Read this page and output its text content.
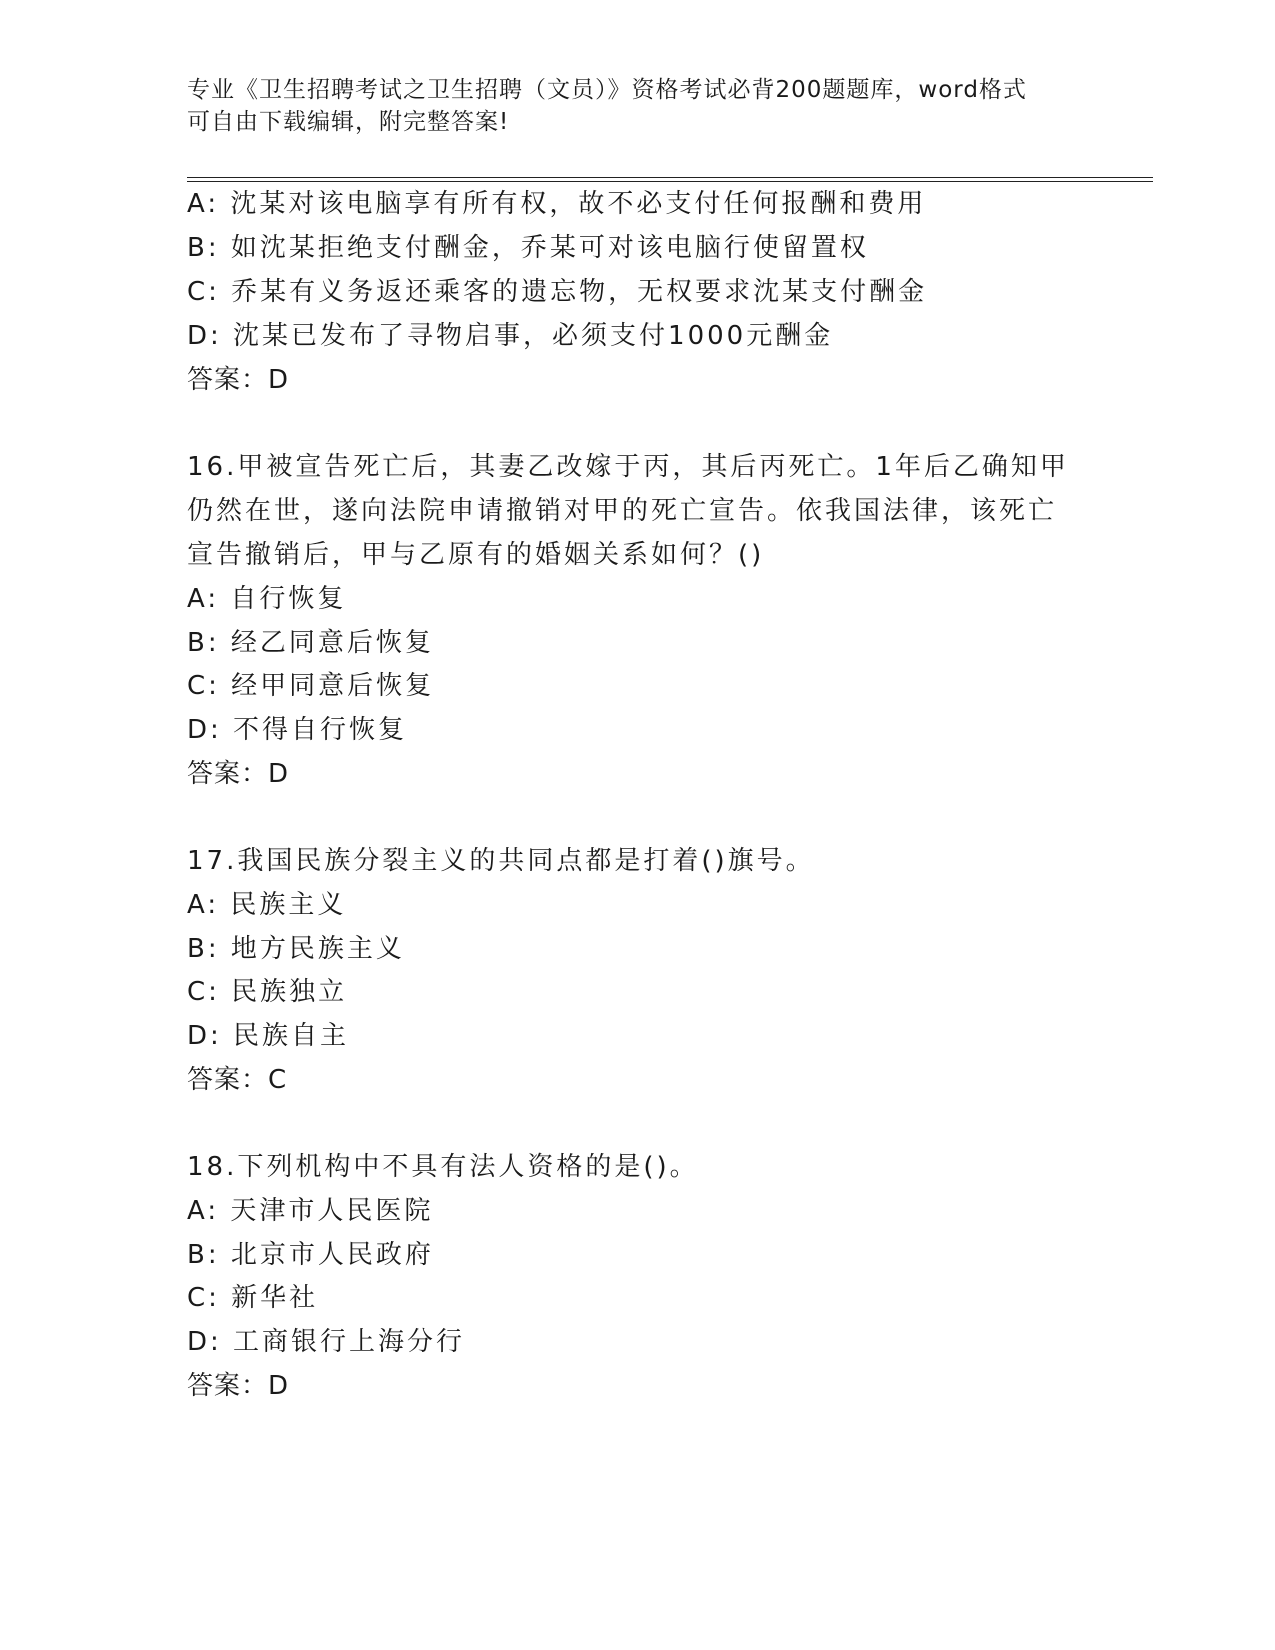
专业《卫生招聘考试之卫生招聘（文员）》资格考试必背200题题库，word格式
可自由下载编辑，附完整答案!
A: 沈某对该电脑享有所有权，故不必支付任何报酬和费用
B: 如沈某拒绝支付酬金，乔某可对该电脑行使留置权
C: 乔某有义务返还乘客的遗忘物，无权要求沈某支付酬金
D: 沈某已发布了寻物启事，必须支付1000元酬金
答案：D
16.甲被宣告死亡后，其妻乙改嫁于丙，其后丙死亡。1年后乙确知甲
仍然在世，遂向法院申请撤销对甲的死亡宣告。依我国法律，该死亡
宣告撤销后，甲与乙原有的婚姻关系如何？()
A: 自行恢复
B: 经乙同意后恢复
C: 经甲同意后恢复
D: 不得自行恢复
答案：D
17.我国民族分裂主义的共同点都是打着()旗号。
A: 民族主义
B: 地方民族主义
C: 民族独立
D: 民族自主
答案：C
18.下列机构中不具有法人资格的是()。
A: 天津市人民医院
B: 北京市人民政府
C: 新华社
D: 工商银行上海分行
答案：D
